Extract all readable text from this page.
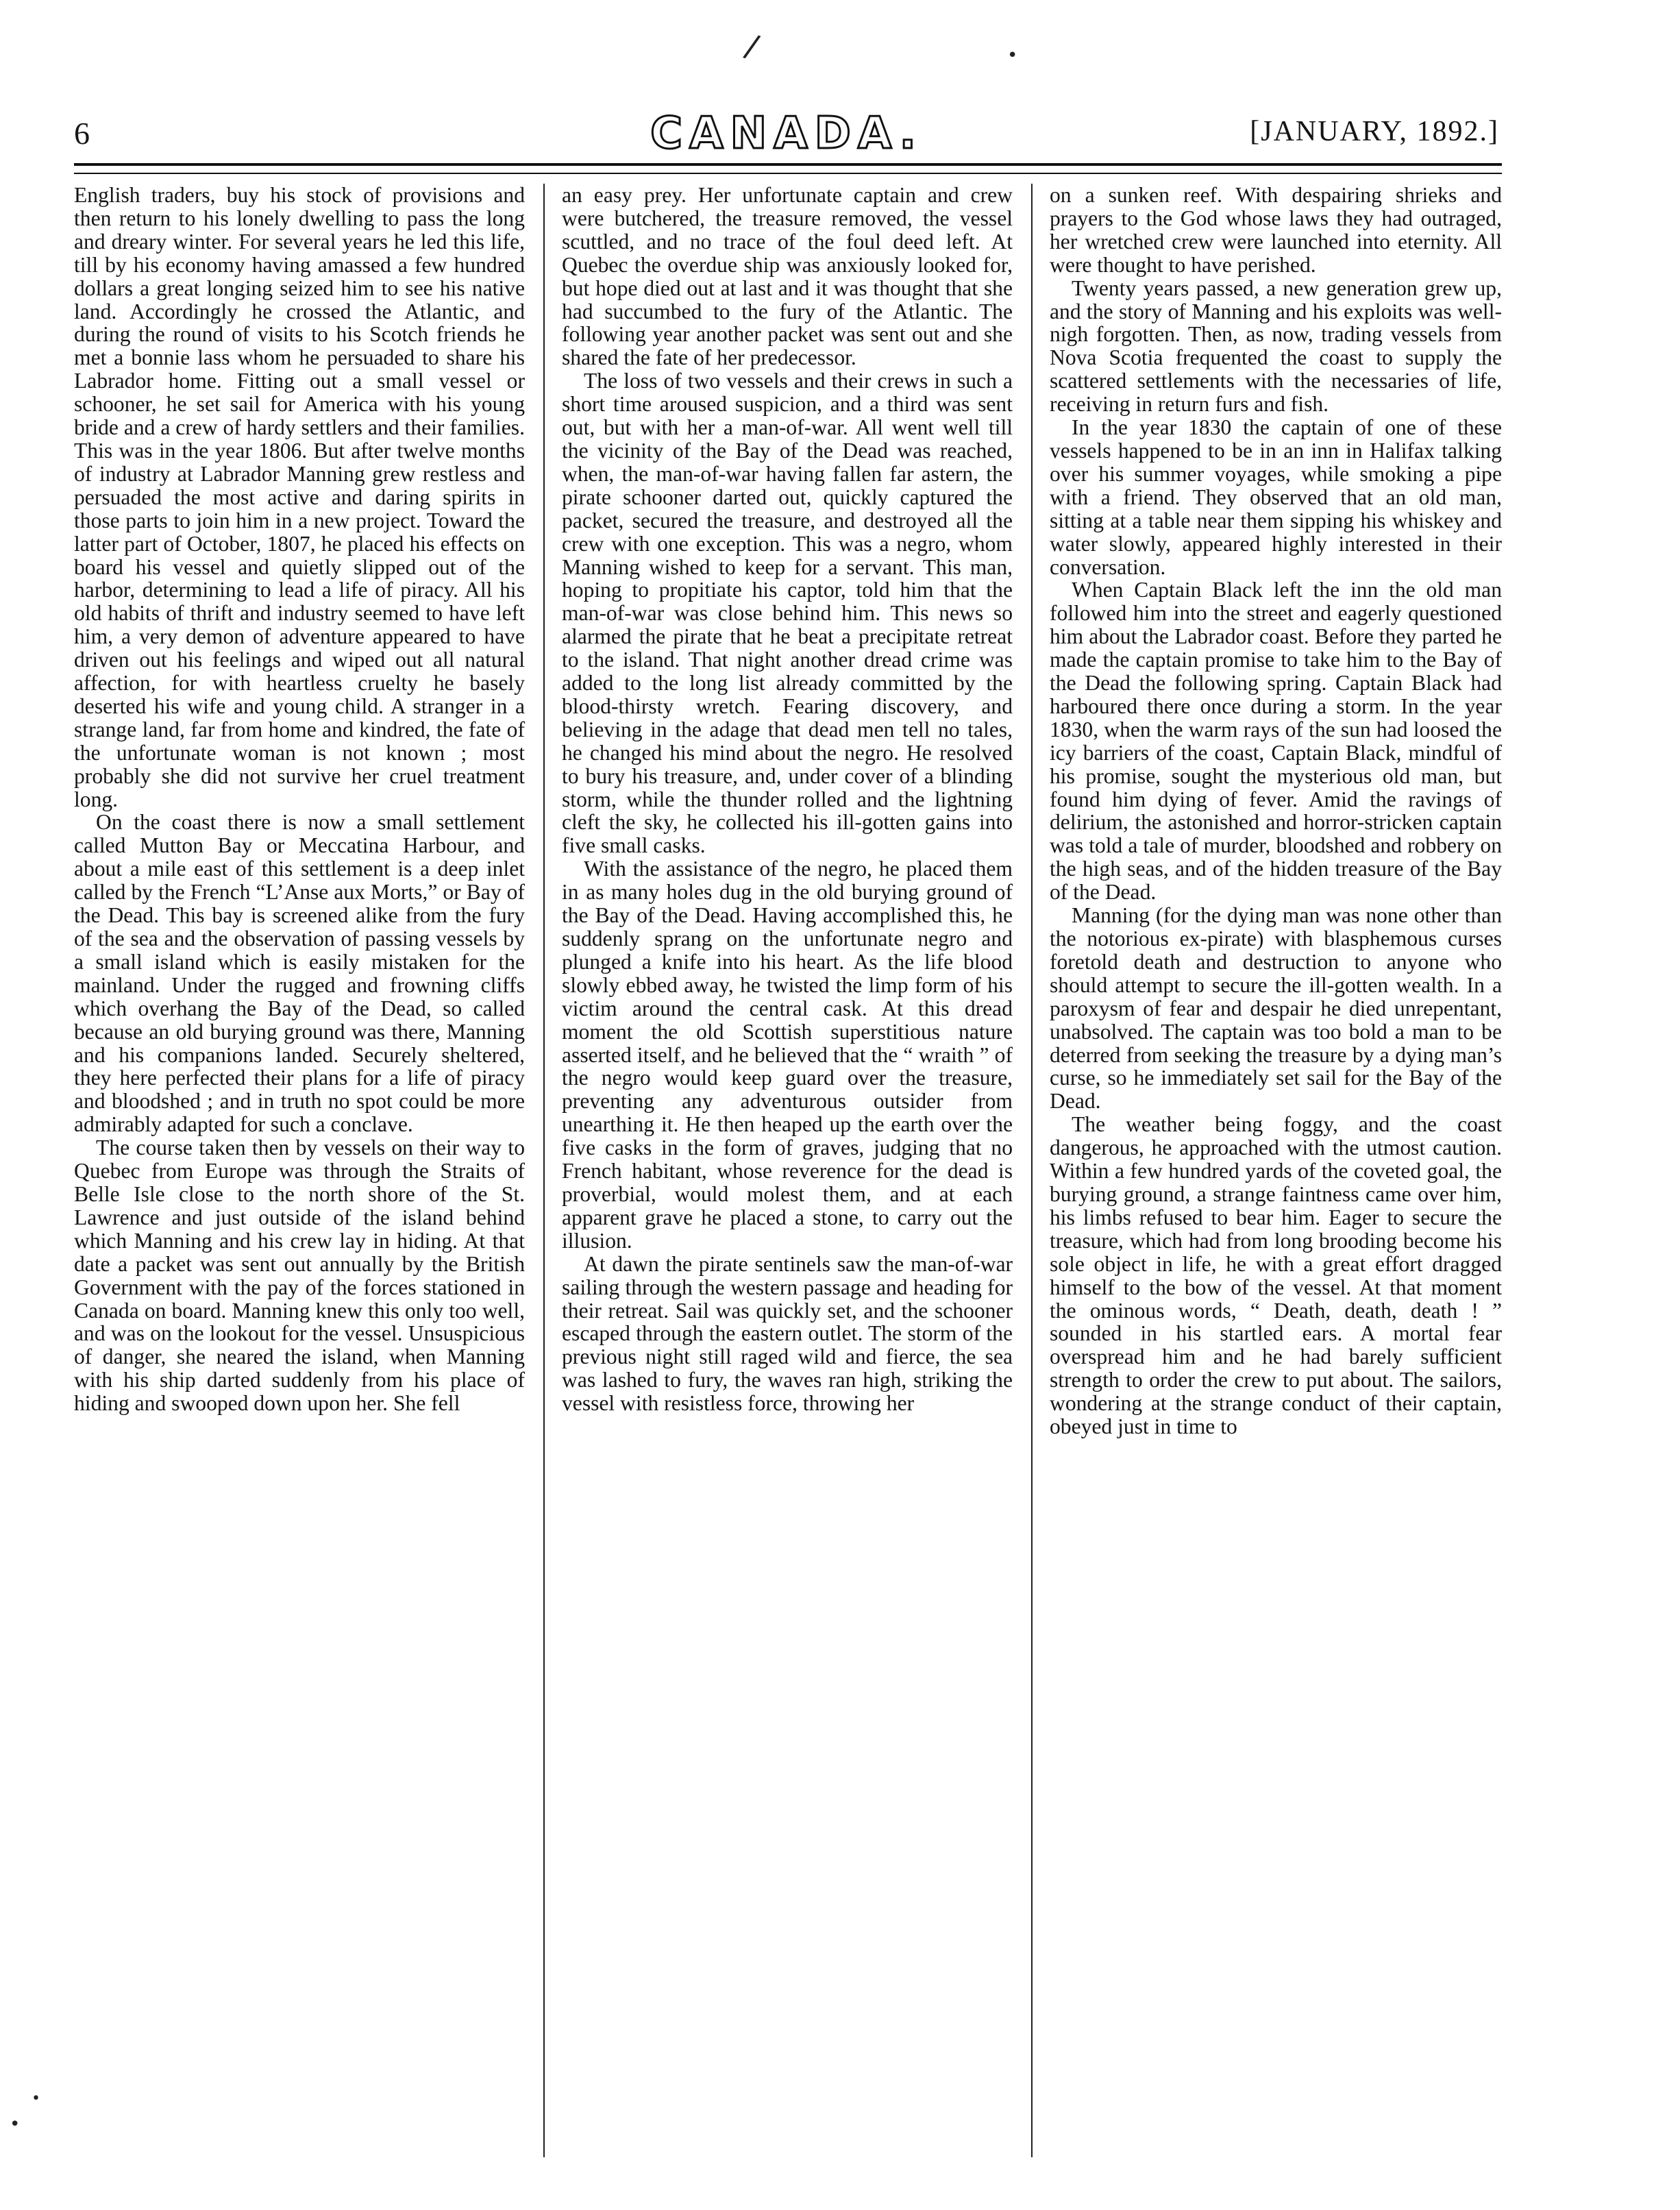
/	•
•
•
6	CANADA.	[JANUARY, 1892.]

English traders, buy his stock of provisions and then return to his lonely dwelling to pass the long and dreary winter. For several years he led this life, till by his economy having amassed a few hundred dollars a great longing seized him to see his native land. Accordingly he crossed the Atlantic, and during the round of visits to his Scotch friends he met a bonnie lass whom he persuaded to share his Labrador home. Fitting out a small vessel or schooner, he set sail for America with his young bride and a crew of hardy settlers and their families. This was in the year 1806. But after twelve months of industry at Labrador Manning grew restless and persuaded the most active and daring spirits in those parts to join him in a new project. Toward the latter part of October, 1807, he placed his effects on board his vessel and quietly slipped out of the harbor, determining to lead a life of piracy. All his old habits of thrift and industry seemed to have left him, a very demon of adventure appeared to have driven out his feelings and wiped out all natural affection, for with heartless cruelty he basely deserted his wife and young child. A stranger in a strange land, far from home and kindred, the fate of the unfortunate woman is not known ; most probably she did not survive her cruel treatment long.

On the coast there is now a small settlement called Mutton Bay or Meccatina Harbour, and about a mile east of this settlement is a deep inlet called by the French “L’Anse aux Morts,” or Bay of the Dead. This bay is screened alike from the fury of the sea and the observation of passing vessels by a small island which is easily mistaken for the mainland. Under the rugged and frowning cliffs which overhang the Bay of the Dead, so called because an old burying ground was there, Manning and his companions landed. Securely sheltered, they here perfected their plans for a life of piracy and bloodshed ; and in truth no spot could be more admirably adapted for such a conclave.

The course taken then by vessels on their way to Quebec from Europe was through the Straits of Belle Isle close to the north shore of the St. Lawrence and just outside of the island behind which Manning and his crew lay in hiding. At that date a packet was sent out annually by the British Government with the pay of the forces stationed in Canada on board. Manning knew this only too well, and was on the lookout for the vessel. Unsuspicious of danger, she neared the island, when Manning with his ship darted suddenly from his place of hiding and swooped down upon her. She fell

an easy prey. Her unfortunate captain and crew were butchered, the treasure removed, the vessel scuttled, and no trace of the foul deed left. At Quebec the overdue ship was anxiously looked for, but hope died out at last and it was thought that she had succumbed to the fury of the Atlantic. The following year another packet was sent out and she shared the fate of her predecessor.

The loss of two vessels and their crews in such a short time aroused suspicion, and a third was sent out, but with her a man-of-war. All went well till the vicinity of the Bay of the Dead was reached, when, the man-of-war having fallen far astern, the pirate schooner darted out, quickly captured the packet, secured the treasure, and destroyed all the crew with one exception. This was a negro, whom Manning wished to keep for a servant. This man, hoping to propitiate his captor, told him that the man-of-war was close behind him. This news so alarmed the pirate that he beat a precipitate retreat to the island. That night another dread crime was added to the long list already committed by the blood-thirsty wretch. Fearing discovery, and believing in the adage that dead men tell no tales, he changed his mind about the negro. He resolved to bury his treasure, and, under cover of a blinding storm, while the thunder rolled and the lightning cleft the sky, he collected his ill-gotten gains into five small casks.

With the assistance of the negro, he placed them in as many holes dug in the old burying ground of the Bay of the Dead. Having accomplished this, he suddenly sprang on the unfortunate negro and plunged a knife into his heart. As the life blood slowly ebbed away, he twisted the limp form of his victim around the central cask. At this dread moment the old Scottish superstitious nature asserted itself, and he believed that the “ wraith ” of the negro would keep guard over the treasure, preventing any adventurous outsider from unearthing it. He then heaped up the earth over the five casks in the form of graves, judging that no French habitant, whose reverence for the dead is proverbial, would molest them, and at each apparent grave he placed a stone, to carry out the illusion.

At dawn the pirate sentinels saw the man-of-war sailing through the western passage and heading for their retreat. Sail was quickly set, and the schooner escaped through the eastern outlet. The storm of the previous night still raged wild and fierce, the sea was lashed to fury, the waves ran high, striking the vessel with resistless force, throwing her

on a sunken reef. With despairing shrieks and prayers to the God whose laws they had outraged, her wretched crew were launched into eternity. All were thought to have perished.

Twenty years passed, a new generation grew up, and the story of Manning and his exploits was well-nigh forgotten. Then, as now, trading vessels from Nova Scotia frequented the coast to supply the scattered settlements with the necessaries of life, receiving in return furs and fish.

In the year 1830 the captain of one of these vessels happened to be in an inn in Halifax talking over his summer voyages, while smoking a pipe with a friend. They observed that an old man, sitting at a table near them sipping his whiskey and water slowly, appeared highly interested in their conversation.

When Captain Black left the inn the old man followed him into the street and eagerly questioned him about the Labrador coast. Before they parted he made the captain promise to take him to the Bay of the Dead the following spring. Captain Black had harboured there once during a storm. In the year 1830, when the warm rays of the sun had loosed the icy barriers of the coast, Captain Black, mindful of his promise, sought the mysterious old man, but found him dying of fever. Amid the ravings of delirium, the astonished and horror-stricken captain was told a tale of murder, bloodshed and robbery on the high seas, and of the hidden treasure of the Bay of the Dead.

Manning (for the dying man was none other than the notorious ex-pirate) with blasphemous curses foretold death and destruction to anyone who should attempt to secure the ill-gotten wealth. In a paroxysm of fear and despair he died unrepentant, unabsolved. The captain was too bold a man to be deterred from seeking the treasure by a dying man’s curse, so he immediately set sail for the Bay of the Dead.

The weather being foggy, and the coast dangerous, he approached with the utmost caution. Within a few hundred yards of the coveted goal, the burying ground, a strange faintness came over him, his limbs refused to bear him. Eager to secure the treasure, which had from long brooding become his sole object in life, he with a great effort dragged himself to the bow of the vessel. At that moment the ominous words, “ Death, death, death ! ” sounded in his startled ears. A mortal fear overspread him and he had barely sufficient strength to order the crew to put about. The sailors, wondering at the strange conduct of their captain, obeyed just in time to
